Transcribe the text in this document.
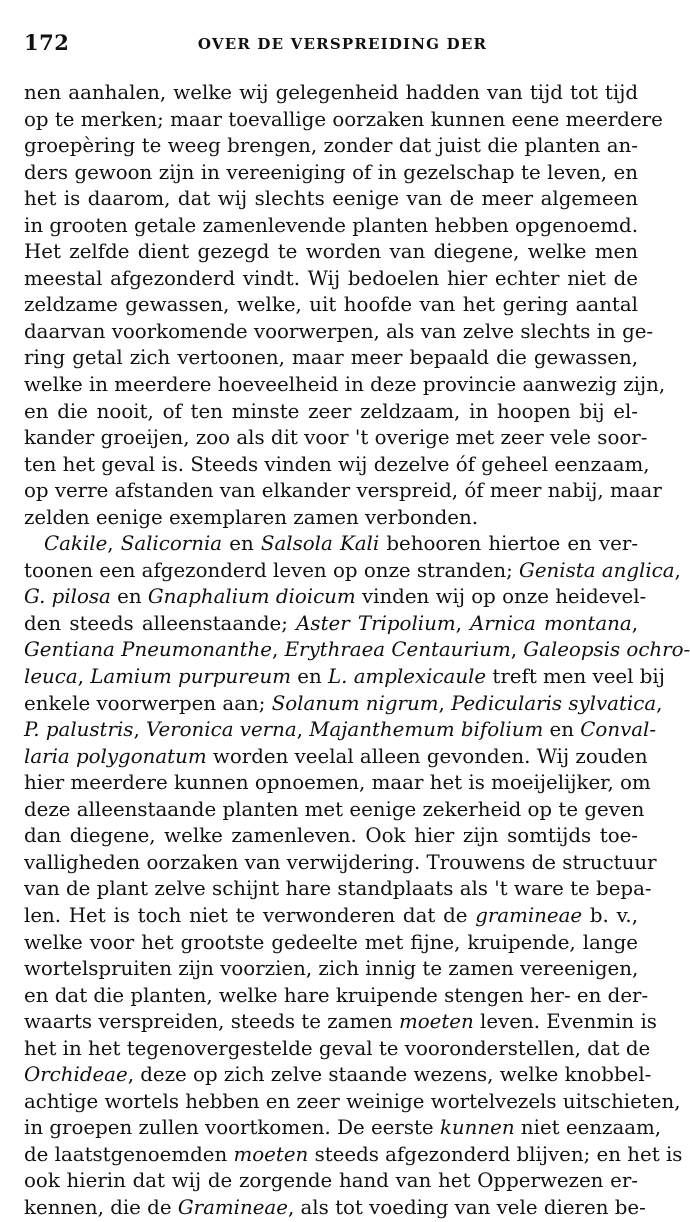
172	OVER DE VERSPREIDING DER
nen aanhalen, welke wij gelegenheid hadden van tijd tot tijd
op te merken; maar toevallige oorzaken kunnen eene meerdere
groepèring te weeg brengen, zonder dat juist die planten an-
ders gewoon zijn in vereeniging of in gezelschap te leven, en
het is daarom, dat wij slechts eenige van de meer algemeen
in grooten getale zamenlevende planten hebben opgenoemd.
Het zelfde dient gezegd te worden van diegene, welke men
meestal afgezonderd vindt. Wij bedoelen hier echter niet de
zeldzame gewassen, welke, uit hoofde van het gering aantal
daarvan voorkomende voorwerpen, als van zelve slechts in ge-
ring getal zich vertoonen, maar meer bepaald die gewassen,
welke in meerdere hoeveelheid in deze provincie aanwezig zijn,
en die nooit, of ten minste zeer zeldzaam, in hoopen bij el-
kander groeijen, zoo als dit voor 't overige met zeer vele soor-
ten het geval is. Steeds vinden wij dezelve óf geheel eenzaam,
op verre afstanden van elkander verspreid, óf meer nabij, maar
zelden eenige exemplaren zamen verbonden.
Cakile, Salicornia en Salsola Kali behooren hiertoe en ver-
toonen een afgezonderd leven op onze stranden; Genista anglica,
G. pilosa en Gnaphalium dioicum vinden wij op onze heidevel-
den steeds alleenstaande; Aster Tripolium, Arnica montana,
Gentiana Pneumonanthe, Erythraea Centaurium, Galeopsis ochro-
leuca, Lamium purpureum en L. amplexicaule treft men veel bij
enkele voorwerpen aan; Solanum nigrum, Pedicularis sylvatica,
P. palustris, Veronica verna, Majanthemum bifolium en Conval-
laria polygonatum worden veelal alleen gevonden. Wij zouden
hier meerdere kunnen opnoemen, maar het is moeijelijker, om
deze alleenstaande planten met eenige zekerheid op te geven
dan diegene, welke zamenleven. Ook hier zijn somtijds toe-
valligheden oorzaken van verwijdering. Trouwens de structuur
van de plant zelve schijnt hare standplaats als 't ware te bepa-
len. Het is toch niet te verwonderen dat de gramineae b. v.,
welke voor het grootste gedeelte met fijne, kruipende, lange
wortelspruiten zijn voorzien, zich innig te zamen vereenigen,
en dat die planten, welke hare kruipende stengen her- en der-
waarts verspreiden, steeds te zamen moeten leven. Evenmin is
het in het tegenovergestelde geval te vooronderstellen, dat de
Orchideae, deze op zich zelve staande wezens, welke knobbel-
achtige wortels hebben en zeer weinige wortelvezels uitschieten,
in groepen zullen voortkomen. De eerste kunnen niet eenzaam,
de laatstgenoemden moeten steeds afgezonderd blijven; en het is
ook hierin dat wij de zorgende hand van het Opperwezen er-
kennen, die de Gramineae, als tot voeding van vele dieren be-
